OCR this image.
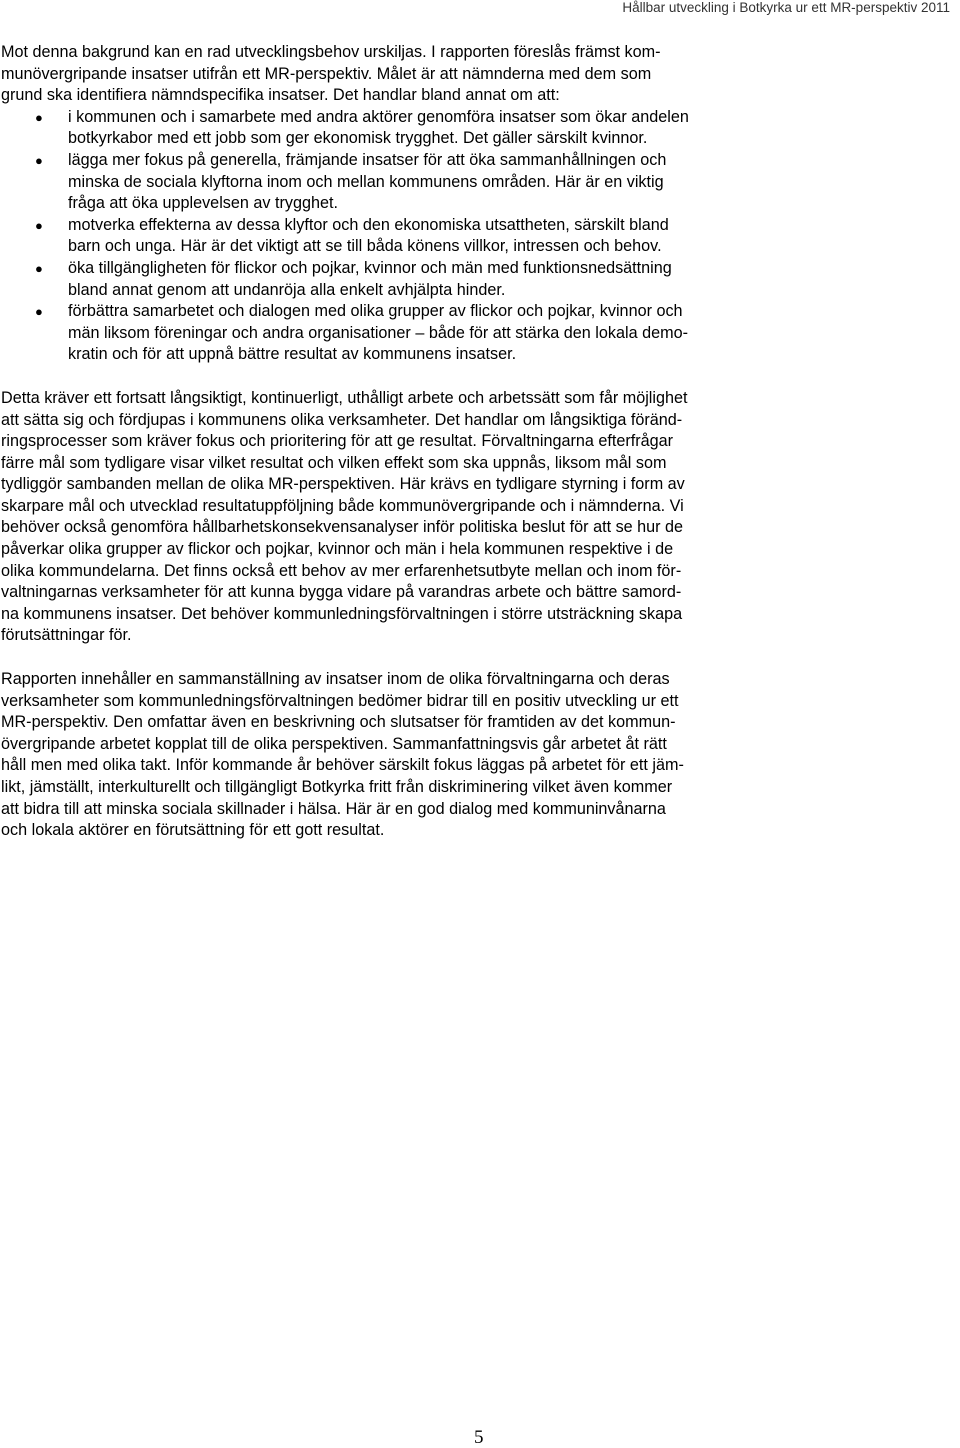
Hållbar utveckling i Botkyrka ur ett MR-perspektiv 2011

Mot denna bakgrund kan en rad utvecklingsbehov urskiljas. I rapporten föreslås främst kom-
munövergripande insatser utifrån ett MR-perspektiv. Målet är att nämnderna med dem som
grund ska identifiera nämndspecifika insatser. Det handlar bland annat om att:

● i kommunen och i samarbete med andra aktörer genomföra insatser som ökar andelen
botkyrkabor med ett jobb som ger ekonomisk trygghet. Det gäller särskilt kvinnor.
● lägga mer fokus på generella, främjande insatser för att öka sammanhållningen och
minska de sociala klyftorna inom och mellan kommunens områden. Här är en viktig
fråga att öka upplevelsen av trygghet.
● motverka effekterna av dessa klyftor och den ekonomiska utsattheten, särskilt bland
barn och unga. Här är det viktigt att se till båda könens villkor, intressen och behov.
● öka tillgängligheten för flickor och pojkar, kvinnor och män med funktionsnedsättning
bland annat genom att undanröja alla enkelt avhjälpta hinder.
● förbättra samarbetet och dialogen med olika grupper av flickor och pojkar, kvinnor och
män liksom föreningar och andra organisationer – både för att stärka den lokala demo-
kratin och för att uppnå bättre resultat av kommunens insatser.

Detta kräver ett fortsatt långsiktigt, kontinuerligt, uthålligt arbete och arbetssätt som får möjlighet
att sätta sig och fördjupas i kommunens olika verksamheter. Det handlar om långsiktiga föränd-
ringsprocesser som kräver fokus och prioritering för att ge resultat. Förvaltningarna efterfrågar
färre mål som tydligare visar vilket resultat och vilken effekt som ska uppnås, liksom mål som
tydliggör sambanden mellan de olika MR-perspektiven. Här krävs en tydligare styrning i form av
skarpare mål och utvecklad resultatuppföljning både kommunövergripande och i nämnderna. Vi
behöver också genomföra hållbarhetskonsekvensanalyser inför politiska beslut för att se hur de
påverkar olika grupper av flickor och pojkar, kvinnor och män i hela kommunen respektive i de
olika kommundelarna. Det finns också ett behov av mer erfarenhetsutbyte mellan och inom för-
valtningarnas verksamheter för att kunna bygga vidare på varandras arbete och bättre samord-
na kommunens insatser. Det behöver kommunledningsförvaltningen i större utsträckning skapa
förutsättningar för.

Rapporten innehåller en sammanställning av insatser inom de olika förvaltningarna och deras
verksamheter som kommunledningsförvaltningen bedömer bidrar till en positiv utveckling ur ett
MR-perspektiv. Den omfattar även en beskrivning och slutsatser för framtiden av det kommun-
övergripande arbetet kopplat till de olika perspektiven. Sammanfattningsvis går arbetet åt rätt
håll men med olika takt. Inför kommande år behöver särskilt fokus läggas på arbetet för ett jäm-
likt, jämställt, interkulturellt och tillgängligt Botkyrka fritt från diskriminering vilket även kommer
att bidra till att minska sociala skillnader i hälsa. Här är en god dialog med kommuninvånarna
och lokala aktörer en förutsättning för ett gott resultat.

5
